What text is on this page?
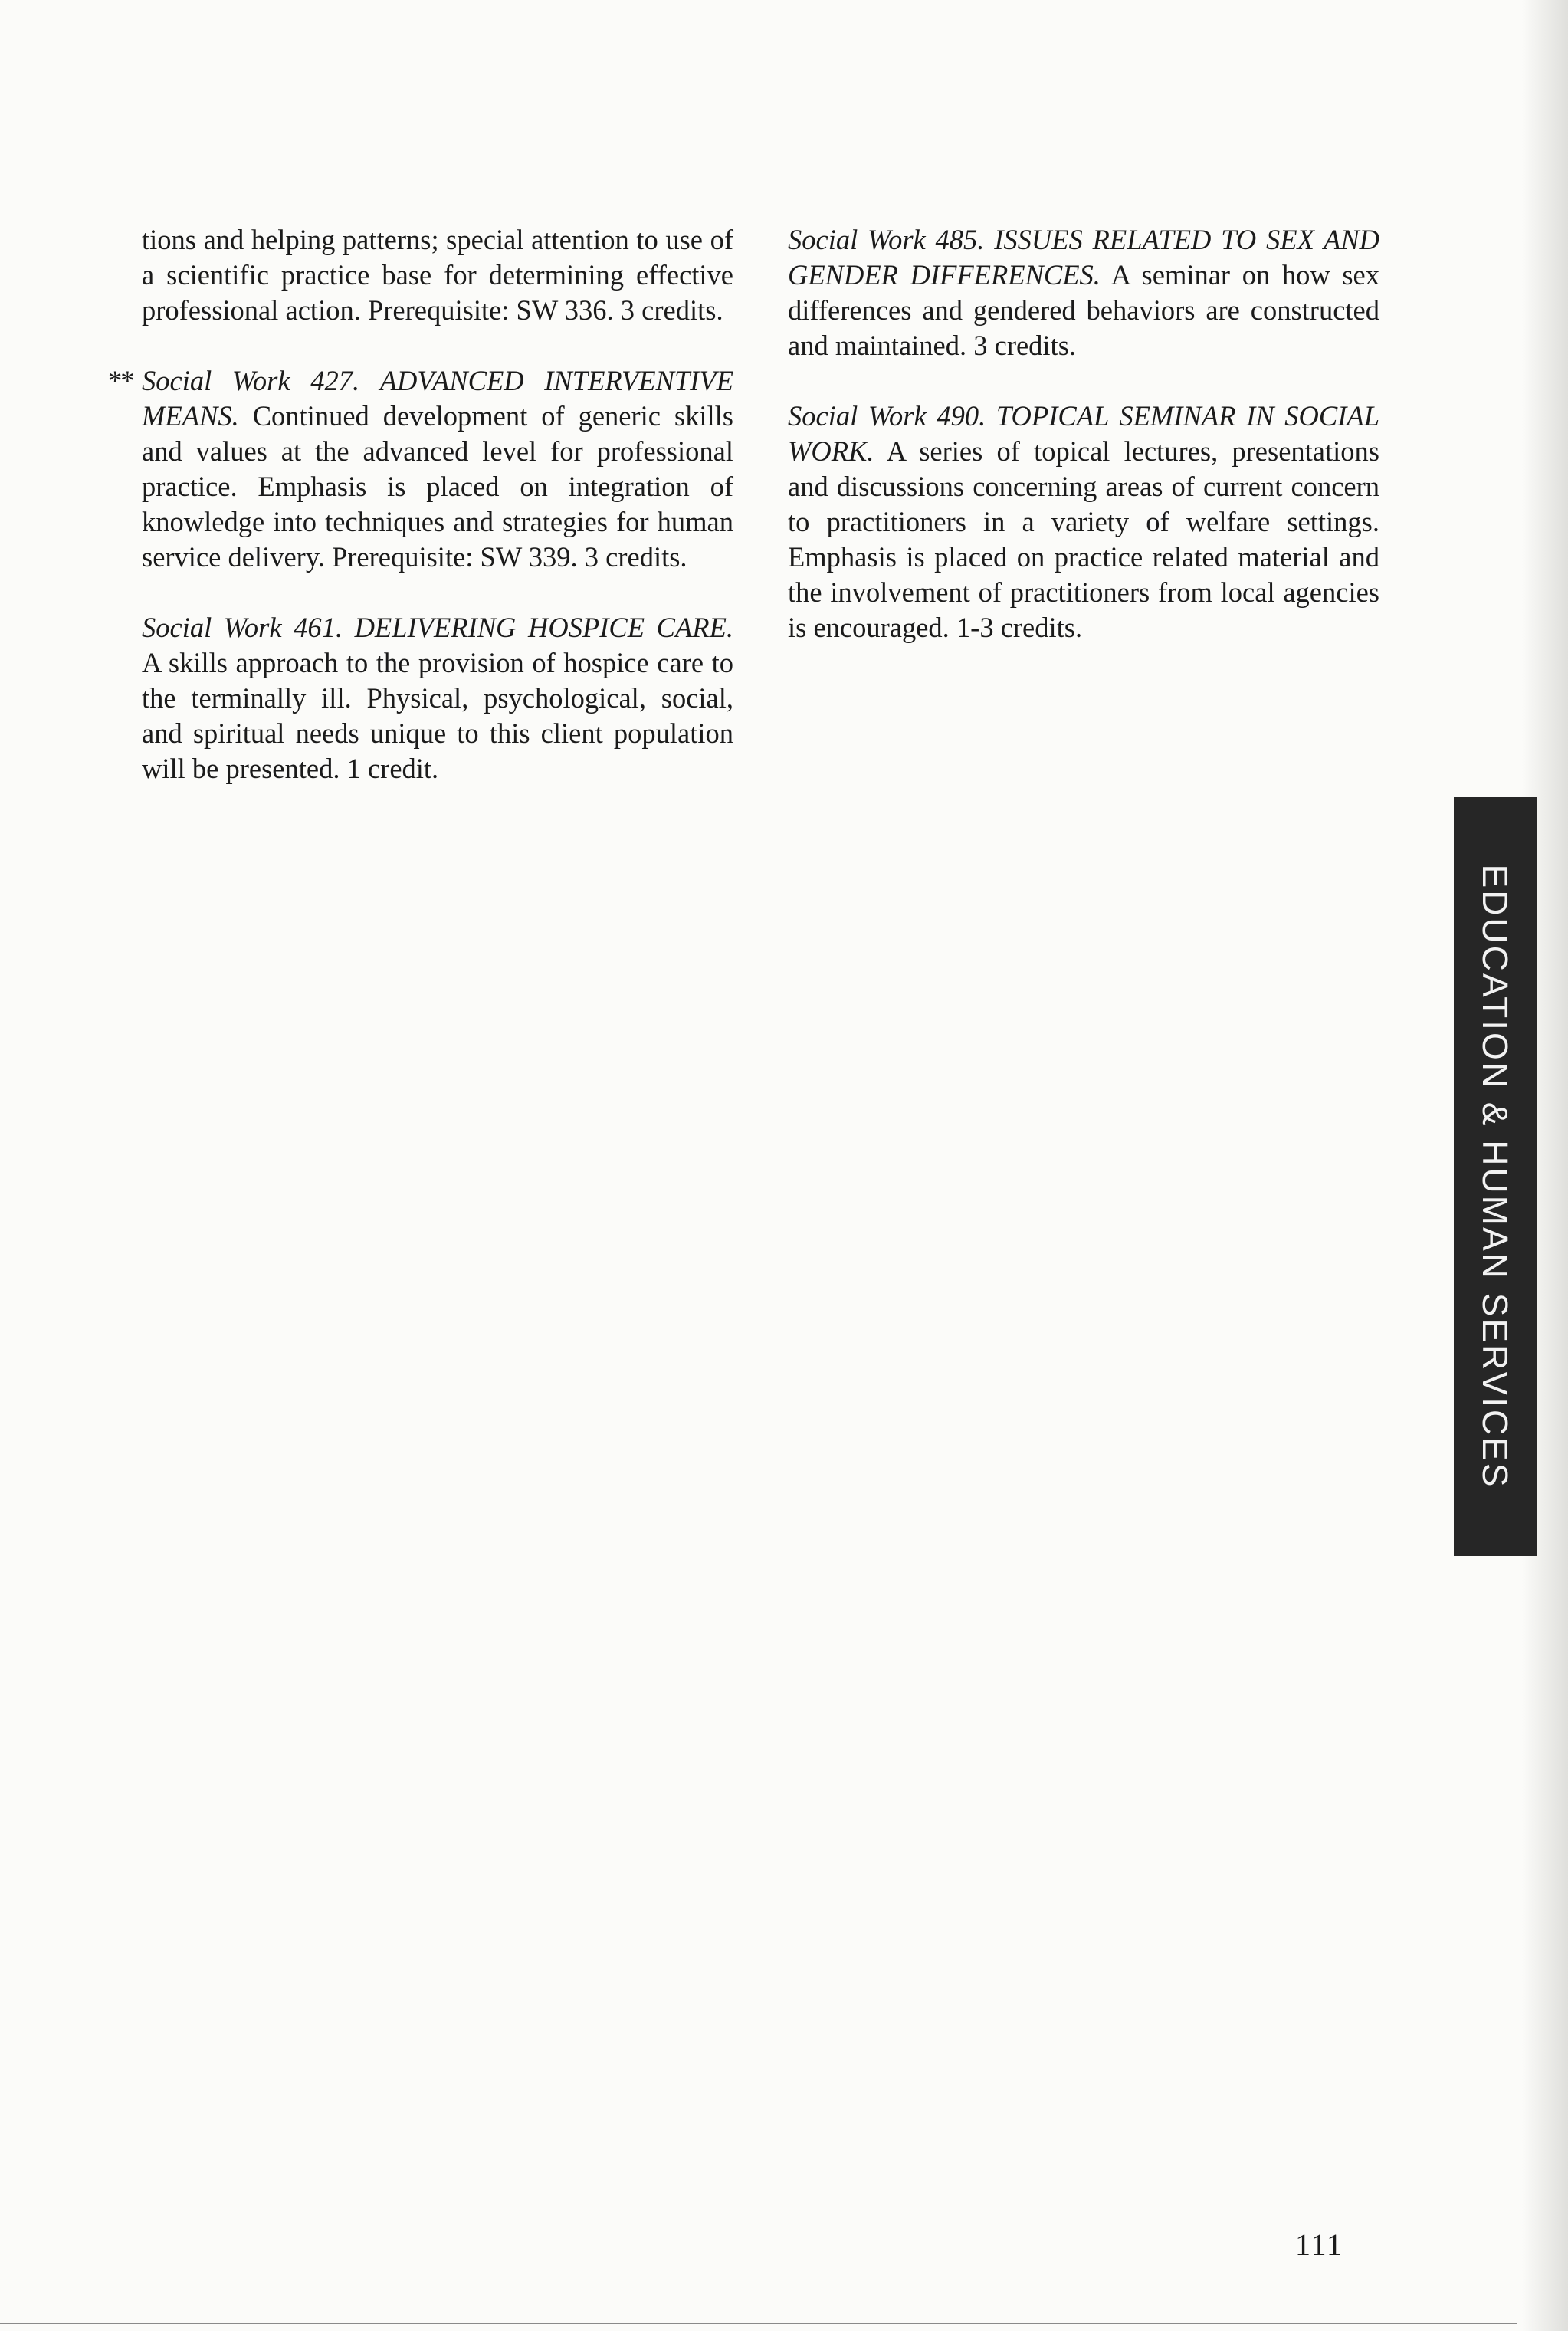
tions and helping patterns; special attention to use of a scientific practice base for determining effective professional action. Prerequisite: SW 336. 3 credits.

** Social Work 427. ADVANCED INTERVENTIVE MEANS. Continued development of generic skills and values at the advanced level for professional practice. Emphasis is placed on integration of knowledge into techniques and strategies for human service delivery. Prerequisite: SW 339. 3 credits.

Social Work 461. DELIVERING HOSPICE CARE. A skills approach to the provision of hospice care to the terminally ill. Physical, psychological, social, and spiritual needs unique to this client population will be presented. 1 credit.

Social Work 485. ISSUES RELATED TO SEX AND GENDER DIFFERENCES. A seminar on how sex differences and gendered behaviors are constructed and maintained. 3 credits.

Social Work 490. TOPICAL SEMINAR IN SOCIAL WORK. A series of topical lectures, presentations and discussions concerning areas of current concern to practitioners in a variety of welfare settings. Emphasis is placed on practice related material and the involvement of practitioners from local agencies is encouraged. 1-3 credits.

EDUCATION & HUMAN SERVICES
111
